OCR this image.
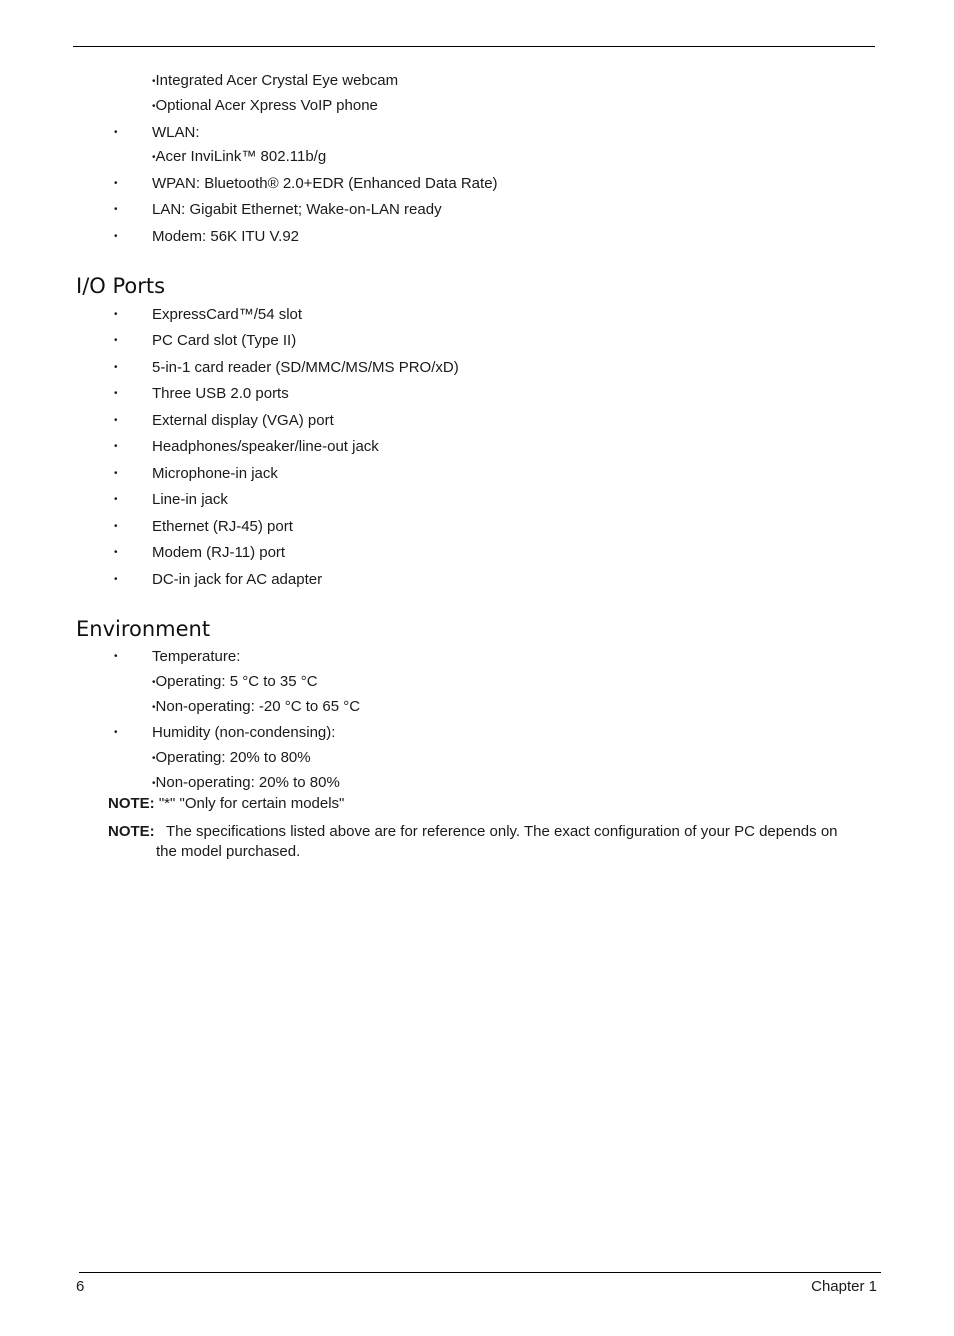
•Integrated Acer Crystal Eye webcam
•Optional Acer Xpress VoIP phone
• WLAN:
•Acer InviLink™ 802.11b/g
• WPAN: Bluetooth® 2.0+EDR (Enhanced Data Rate)
• LAN: Gigabit Ethernet; Wake-on-LAN ready
• Modem: 56K ITU V.92
I/O Ports
• ExpressCard™/54 slot
• PC Card slot (Type II)
• 5-in-1 card reader (SD/MMC/MS/MS PRO/xD)
• Three USB 2.0 ports
• External display (VGA) port
• Headphones/speaker/line-out jack
• Microphone-in jack
• Line-in jack
• Ethernet (RJ-45) port
• Modem (RJ-11) port
• DC-in jack for AC adapter
Environment
• Temperature:
•Operating: 5 °C to 35 °C
•Non-operating: -20 °C to 65 °C
• Humidity (non-condensing):
•Operating: 20% to 80%
•Non-operating: 20% to 80%
NOTE: "*" "Only for certain models"
NOTE: The specifications listed above are for reference only. The exact configuration of your PC depends on
the model purchased.
6	Chapter 1
